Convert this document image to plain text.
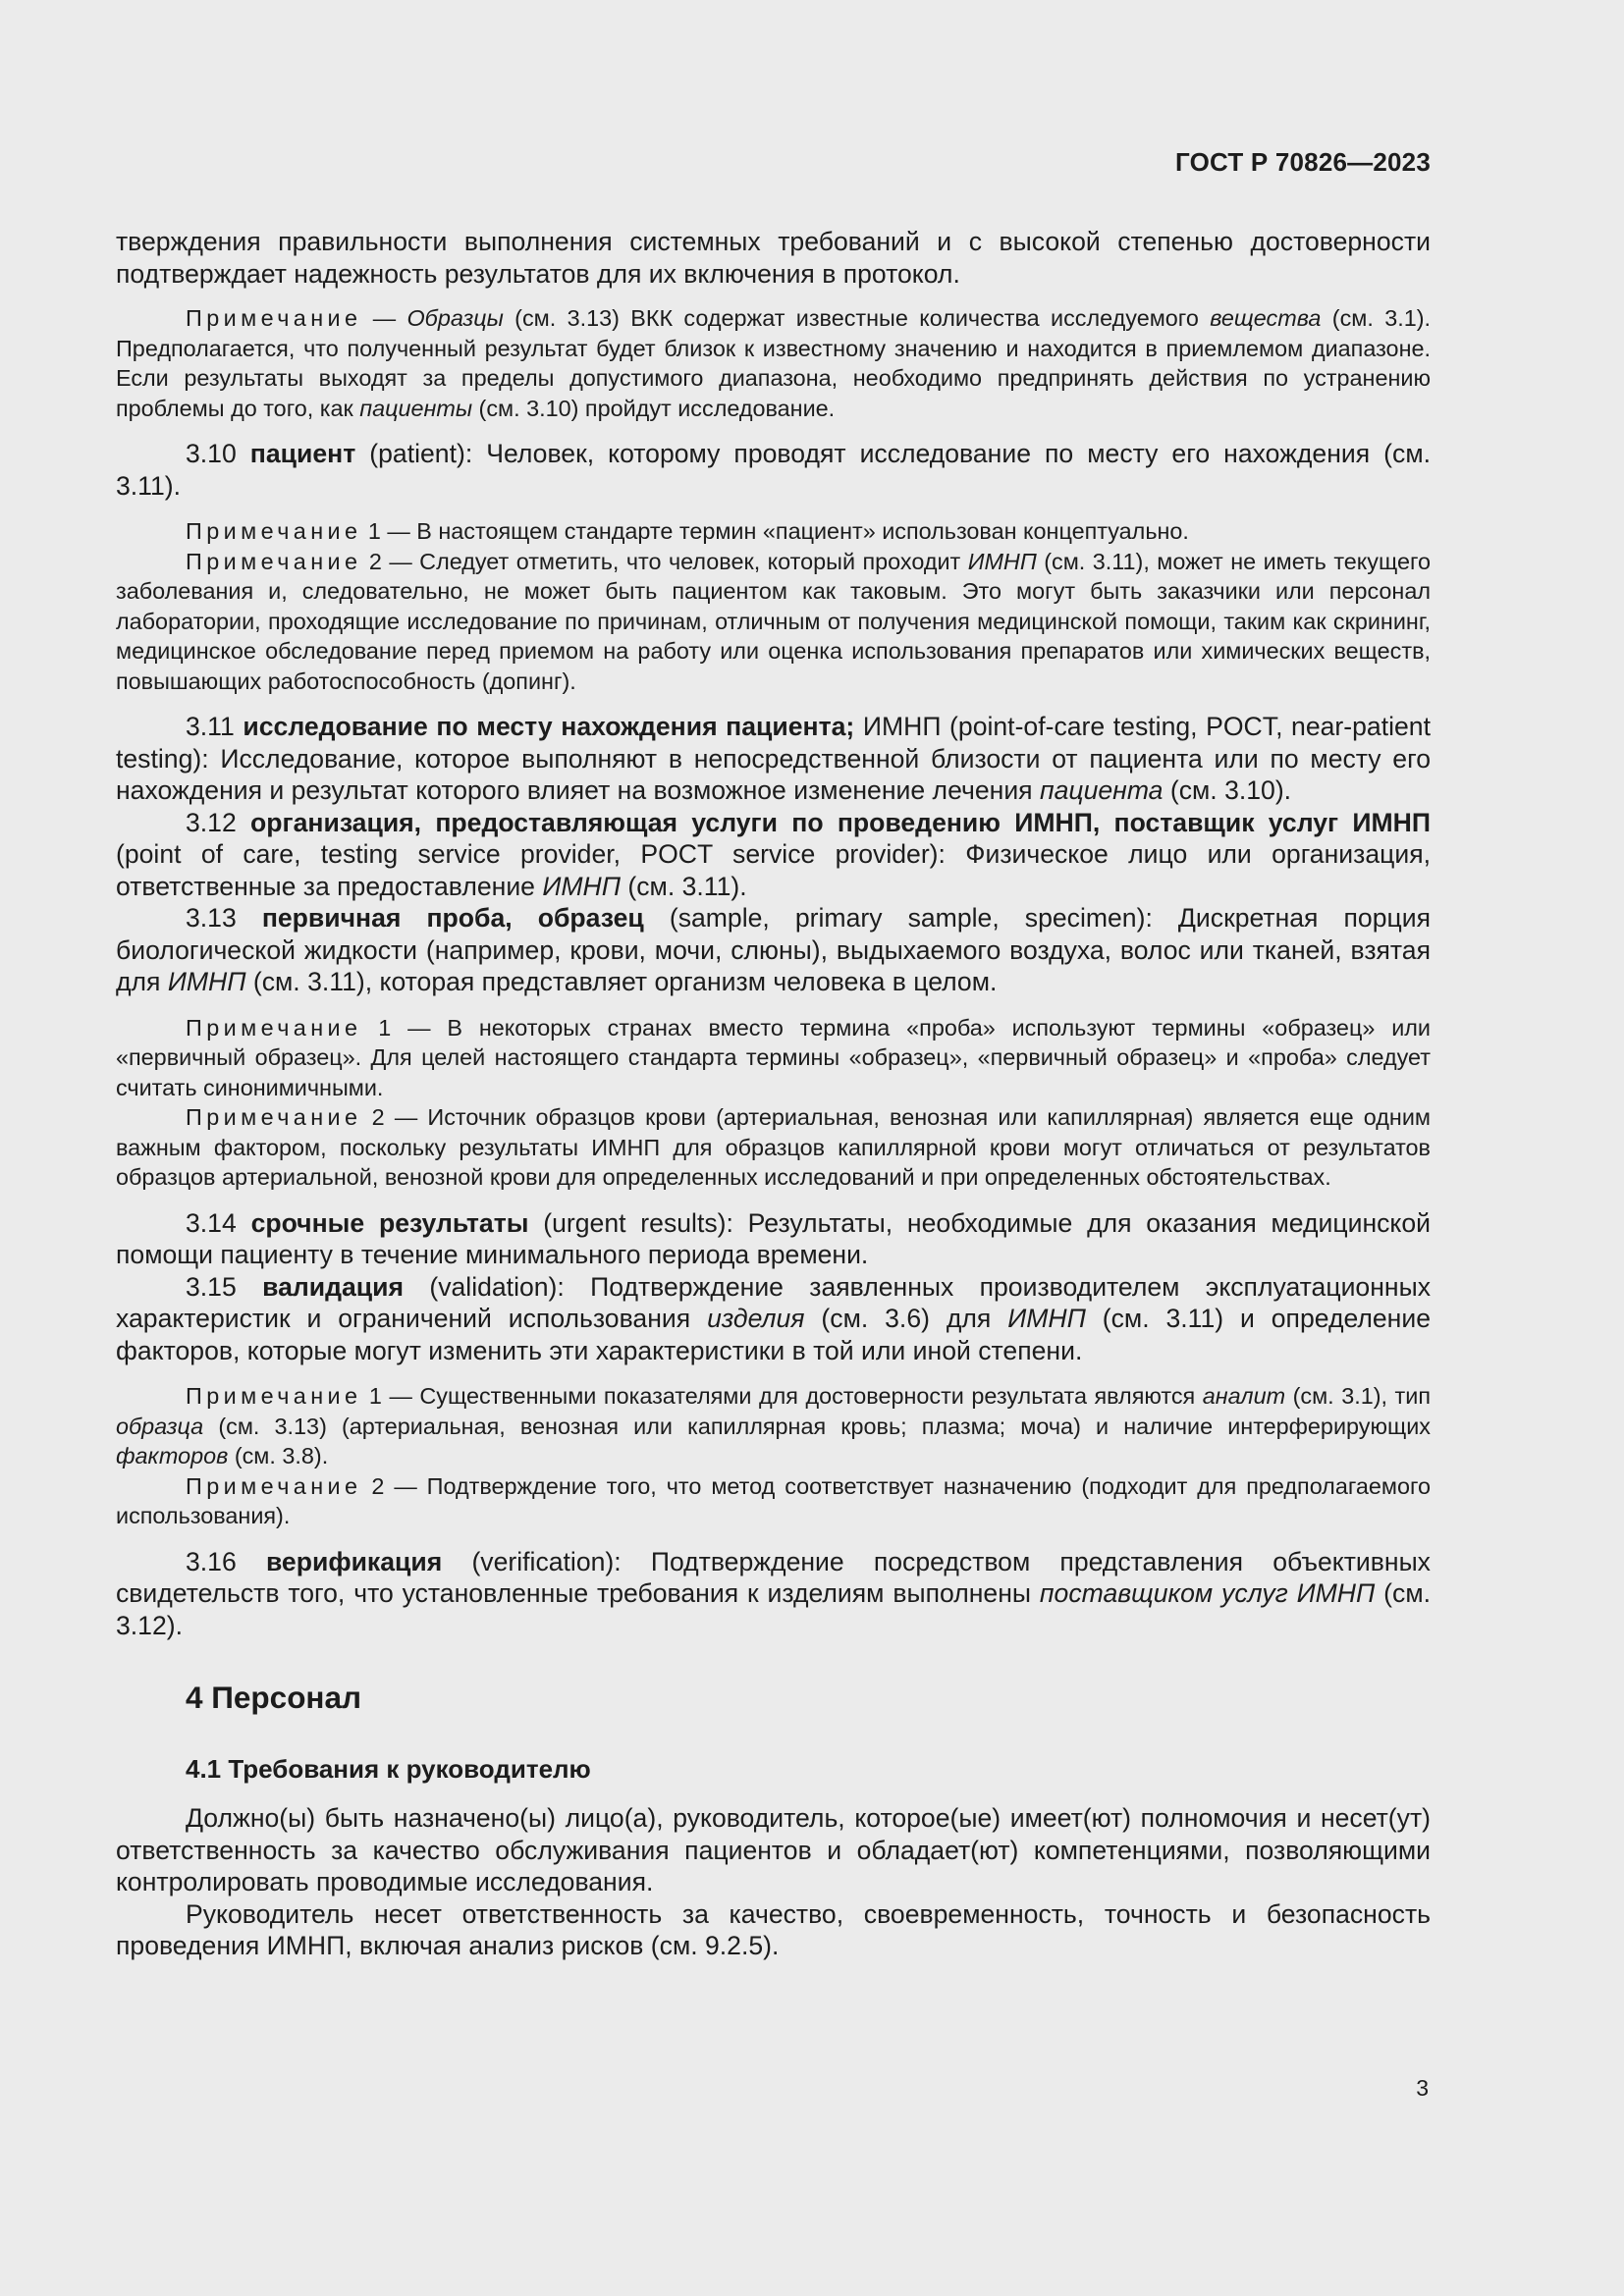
ГОСТ Р 70826—2023

тверждения правильности выполнения системных требований и с высокой степенью достоверности подтверждает надежность результатов для их включения в протокол.

Примечание — Образцы (см. 3.13) ВКК содержат известные количества исследуемого вещества (см. 3.1). Предполагается, что полученный результат будет близок к известному значению и находится в приемлемом диапазоне. Если результаты выходят за пределы допустимого диапазона, необходимо предпринять действия по устранению проблемы до того, как пациенты (см. 3.10) пройдут исследование.

3.10 пациент (patient): Человек, которому проводят исследование по месту его нахождения (см. 3.11).

Примечание 1 — В настоящем стандарте термин «пациент» использован концептуально.

Примечание 2 — Следует отметить, что человек, который проходит ИМНП (см. 3.11), может не иметь текущего заболевания и, следовательно, не может быть пациентом как таковым. Это могут быть заказчики или персонал лаборатории, проходящие исследование по причинам, отличным от получения медицинской помощи, таким как скрининг, медицинское обследование перед приемом на работу или оценка использования препаратов или химических веществ, повышающих работоспособность (допинг).

3.11 исследование по месту нахождения пациента; ИМНП (point-of-care testing, POCT, near-patient testing): Исследование, которое выполняют в непосредственной близости от пациента или по месту его нахождения и результат которого влияет на возможное изменение лечения пациента (см. 3.10).

3.12 организация, предоставляющая услуги по проведению ИМНП, поставщик услуг ИМНП (point of care, testing service provider, POCT service provider): Физическое лицо или организация, ответственные за предоставление ИМНП (см. 3.11).

3.13 первичная проба, образец (sample, primary sample, specimen): Дискретная порция биологической жидкости (например, крови, мочи, слюны), выдыхаемого воздуха, волос или тканей, взятая для ИМНП (см. 3.11), которая представляет организм человека в целом.

Примечание 1 — В некоторых странах вместо термина «проба» используют термины «образец» или «первичный образец». Для целей настоящего стандарта термины «образец», «первичный образец» и «проба» следует считать синонимичными.

Примечание 2 — Источник образцов крови (артериальная, венозная или капиллярная) является еще одним важным фактором, поскольку результаты ИМНП для образцов капиллярной крови могут отличаться от результатов образцов артериальной, венозной крови для определенных исследований и при определенных обстоятельствах.

3.14 срочные результаты (urgent results): Результаты, необходимые для оказания медицинской помощи пациенту в течение минимального периода времени.

3.15 валидация (validation): Подтверждение заявленных производителем эксплуатационных характеристик и ограничений использования изделия (см. 3.6) для ИМНП (см. 3.11) и определение факторов, которые могут изменить эти характеристики в той или иной степени.

Примечание 1 — Существенными показателями для достоверности результата являются аналит (см. 3.1), тип образца (см. 3.13) (артериальная, венозная или капиллярная кровь; плазма; моча) и наличие интерферирующих факторов (см. 3.8).

Примечание 2 — Подтверждение того, что метод соответствует назначению (подходит для предполагаемого использования).

3.16 верификация (verification): Подтверждение посредством представления объективных свидетельств того, что установленные требования к изделиям выполнены поставщиком услуг ИМНП (см. 3.12).

4 Персонал
4.1 Требования к руководителю

Должно(ы) быть назначено(ы) лицо(а), руководитель, которое(ые) имеет(ют) полномочия и несет(ут) ответственность за качество обслуживания пациентов и обладает(ют) компетенциями, позволяющими контролировать проводимые исследования.

Руководитель несет ответственность за качество, своевременность, точность и безопасность проведения ИМНП, включая анализ рисков (см. 9.2.5).

3
